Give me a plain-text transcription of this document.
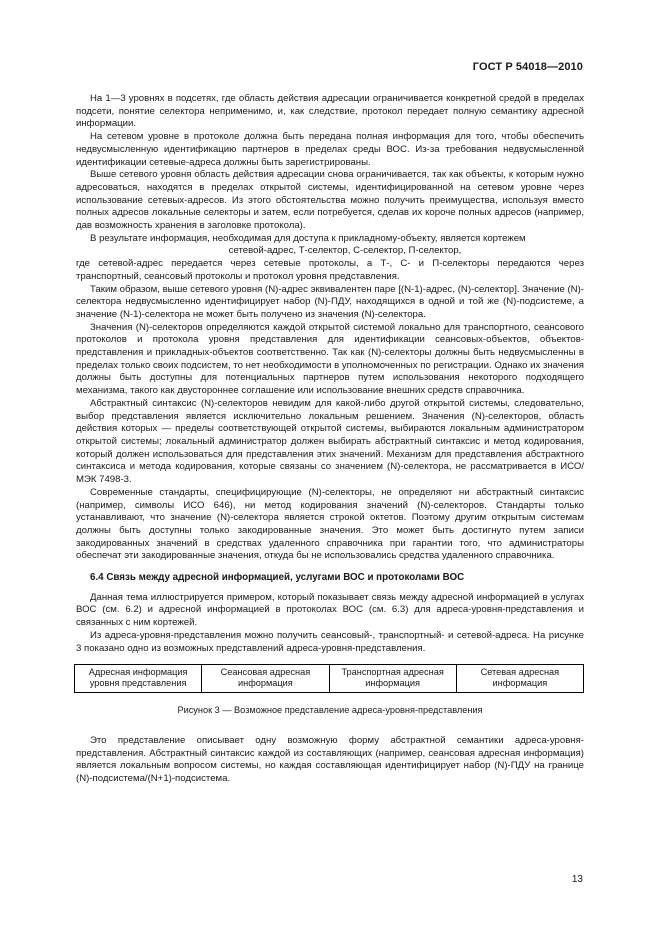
ГОСТ Р 54018—2010

На 1—3 уровнях в подсетях, где область действия адресации ограничивается конкретной средой в пределах подсети, понятие селектора неприменимо, и, как следствие, протокол передает полную семантику адресной информации.

На сетевом уровне в протоколе должна быть передана полная информация для того, чтобы обеспечить недвусмысленную идентификацию партнеров в пределах среды ВОС. Из-за требования недвусмысленной идентификации сетевые-адреса должны быть зарегистрированы.

Выше сетевого уровня область действия адресации снова ограничивается, так как объекты, к которым нужно адресоваться, находятся в пределах открытой системы, идентифицированной на сетевом уровне через использование сетевых-адресов. Из этого обстоятельства можно получить преимущества, используя вместо полных адресов локальные селекторы и затем, если потребуется, сделав их короче полных адресов (например, дав возможность хранения в заголовке протокола).

В результате информация, необходимая для доступа к прикладному-объекту, является кортежем

сетевой-адрес, Т-селектор, С-селектор, П-селектор,

где сетевой-адрес передается через сетевые протоколы, а Т-, С- и П-селекторы передаются через транспортный, сеансовый протоколы и протокол уровня представления.

Таким образом, выше сетевого уровня (N)-адрес эквивалентен паре [(N-1)-адрес, (N)-селектор]. Значение (N)-селектора недвусмысленно идентифицирует набор (N)-ПДУ, находящихся в одной и той же (N)-подсистеме, а значение (N-1)-селектора не может быть получено из значения (N)-селектора.

Значения (N)-селекторов определяются каждой открытой системой локально для транспортного, сеансового протоколов и протокола уровня представления для идентификации сеансовых-объектов, объектов-представления и прикладных-объектов соответственно. Так как (N)-селекторы должны быть недвусмысленны в пределах только своих подсистем, то нет необходимости в уполномоченных по регистрации. Однако их значения должны быть доступны для потенциальных партнеров путем использования некоторого подходящего механизма, такого как двустороннее соглашение или использование внешних средств справочника.

Абстрактный синтаксис (N)-селекторов невидим для какой-либо другой открытой системы, следовательно, выбор представления является исключительно локальным решением. Значения (N)-селекторов, область действия которых — пределы соответствующей открытой системы, выбираются локальным администратором открытой системы; локальный администратор должен выбирать абстрактный синтаксис и метод кодирования, который должен использоваться для представления этих значений. Механизм для представления абстрактного синтаксиса и метода кодирования, которые связаны со значением (N)-селектора, не рассматривается в ИСО/МЭК 7498-3.

Современные стандарты, специфицирующие (N)-селекторы, не определяют ни абстрактный синтаксис (например, символы ИСО 646), ни метод кодирования значений (N)-селекторов. Стандарты только устанавливают, что значение (N)-селектора является строкой октетов. Поэтому другим открытым системам должны быть доступны только закодированные значения. Это может быть достигнуто путем записи закодированных значений в средствах удаленного справочника при гарантии того, что администраторы обеспечат эти закодированные значения, откуда бы не использовались средства удаленного справочника.

6.4 Связь между адресной информацией, услугами ВОС и протоколами ВОС

Данная тема иллюстрируется примером, который показывает связь между адресной информацией в услугах ВОС (см. 6.2) и адресной информацией в протоколах ВОС (см. 6.3) для адреса-уровня-представления и связанных с ним кортежей.

Из адреса-уровня-представления можно получить сеансовый-, транспортный- и сетевой-адреса. На рисунке 3 показано одно из возможных представлений адреса-уровня-представления.

Адресная информация уровня представления
Сеансовая адресная информация
Транспортная адресная информация
Сетевая адресная информация

Рисунок 3 — Возможное представление адреса-уровня-представления

Это представление описывает одну возможную форму абстрактной семантики адреса-уровня-представления. Абстрактный синтаксис каждой из составляющих (например, сеансовая адресная информация) является локальным вопросом системы, но каждая составляющая идентифицирует набор (N)-ПДУ на границе (N)-подсистема/(N+1)-подсистема.

13
